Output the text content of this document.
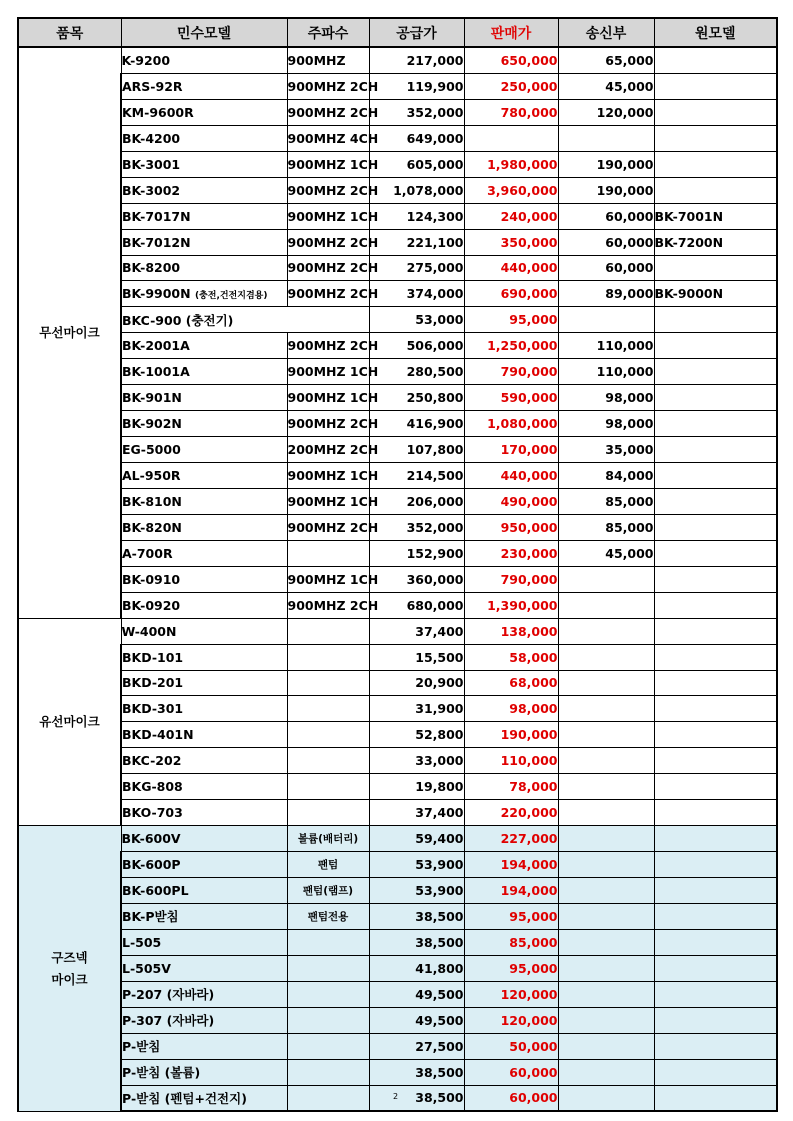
품목	민수모델	주파수	공급가	판매가	송신부	원모델

무선마이크	K-9200	900MHZ	217,000	650,000	65,000	
	ARS-92R	900MHZ 2CH	119,900	250,000	45,000	
	KM-9600R	900MHZ 2CH	352,000	780,000	120,000	
	BK-4200	900MHZ 4CH	649,000			
	BK-3001	900MHZ 1CH	605,000	1,980,000	190,000	
	BK-3002	900MHZ 2CH	1,078,000	3,960,000	190,000	
	BK-7017N	900MHZ 1CH	124,300	240,000	60,000	BK-7001N
	BK-7012N	900MHZ 2CH	221,100	350,000	60,000	BK-7200N
	BK-8200	900MHZ 2CH	275,000	440,000	60,000	
	BK-9900N (충전,건전지겸용)	900MHZ 2CH	374,000	690,000	89,000	BK-9000N
	BKC-900 (충전기)		53,000	95,000		
	BK-2001A	900MHZ 2CH	506,000	1,250,000	110,000	
	BK-1001A	900MHZ 1CH	280,500	790,000	110,000	
	BK-901N	900MHZ 1CH	250,800	590,000	98,000	
	BK-902N	900MHZ 2CH	416,900	1,080,000	98,000	
	EG-5000	200MHZ 2CH	107,800	170,000	35,000	
	AL-950R	900MHZ 1CH	214,500	440,000	84,000	
	BK-810N	900MHZ 1CH	206,000	490,000	85,000	
	BK-820N	900MHZ 2CH	352,000	950,000	85,000	
	A-700R		152,900	230,000	45,000	
	BK-0910	900MHZ 1CH	360,000	790,000		
	BK-0920	900MHZ 2CH	680,000	1,390,000		

유선마이크	W-400N		37,400	138,000		
	BKD-101		15,500	58,000		
	BKD-201		20,900	68,000		
	BKD-301		31,900	98,000		
	BKD-401N		52,800	190,000		
	BKC-202		33,000	110,000		
	BKG-808		19,800	78,000		
	BKO-703		37,400	220,000		

구즈넥
마이크	BK-600V	볼륨(배터리)	59,400	227,000		
	BK-600P	팬텀	53,900	194,000		
	BK-600PL	팬텀(램프)	53,900	194,000		
	BK-P받침	팬텀전용	38,500	95,000		
	L-505		38,500	85,000		
	L-505V		41,800	95,000		
	P-207 (자바라)		49,500	120,000		
	P-307 (자바라)		49,500	120,000		
	P-받침		27,500	50,000		
	P-받침 (볼륨)		38,500	60,000		
	P-받침 (펜텀+건전지)		38,500	60,000		
2
